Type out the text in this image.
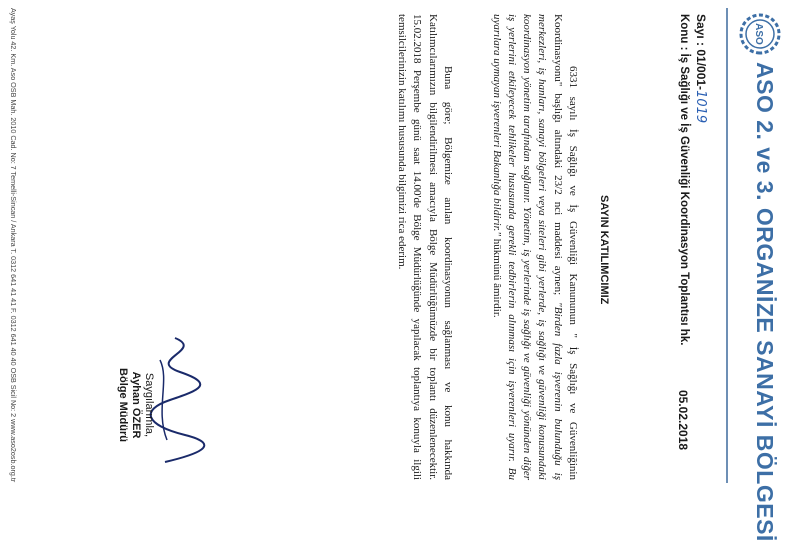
ASO
ASO 2. ve 3. ORGANİZE SANAYİ BÖLGESİ
Sayı : 01/001-1019
05.02.2018
Konu : İş Sağlığı ve İş Güvenliği Koordinasyon Toplantısı hk.
SAYIN KATILIMCIMIZ
6331 sayılı İş Sağlığı ve İş Güvenliği Kanununun " İş Sağlığı ve Güvenliğinin Koordinasyonu" başlığı altındaki 23/2 nci maddesi aynen; "Birden fazla işverenin bulunduğu iş merkezleri, iş hanları, sanayi bölgeleri veya siteleri gibi yerlerde, iş sağlığı ve güvenliği konusundaki koordinasyon yönetim tarafından sağlanır. Yönetim, iş yerlerinde iş sağlığı ve güvenliği yönünden diğer iş yerlerini etkileyecek tehlikeler hususunda gerekli tedbirlerin alınması için işverenleri uyarır. Bu uyarılara uymayan işverenleri Bakanlığa bildirir." hükmünü âmirdir.
Buna göre; Bölgemize anılan koordinasyonun sağlanması ve konu hakkında Katılımcılarımızın bilgilendirilmesi amacıyla Bölge Müdürlüğümüzde bir toplantı düzenlenecektir. 15.02.2018 Perşembe günü saat 14.00'de Bölge Müdürlüğünde yapılacak toplantıya konuyla ilgili temsilcilerinizin katılımı hususunda bilgimizi rica ederim.
Saygılarımla,
Ayhan ÖZER
Bölge Müdürü
Ayaş Yolu 42. Km. Aso OSB Mah. 2010 Cad. No: 7 Temelli-Sincan / Ankara T. 0312 641 41 41 F. 0312 641 40 40 OSB Sicil No: 2 www.aso2osb.org.tr
